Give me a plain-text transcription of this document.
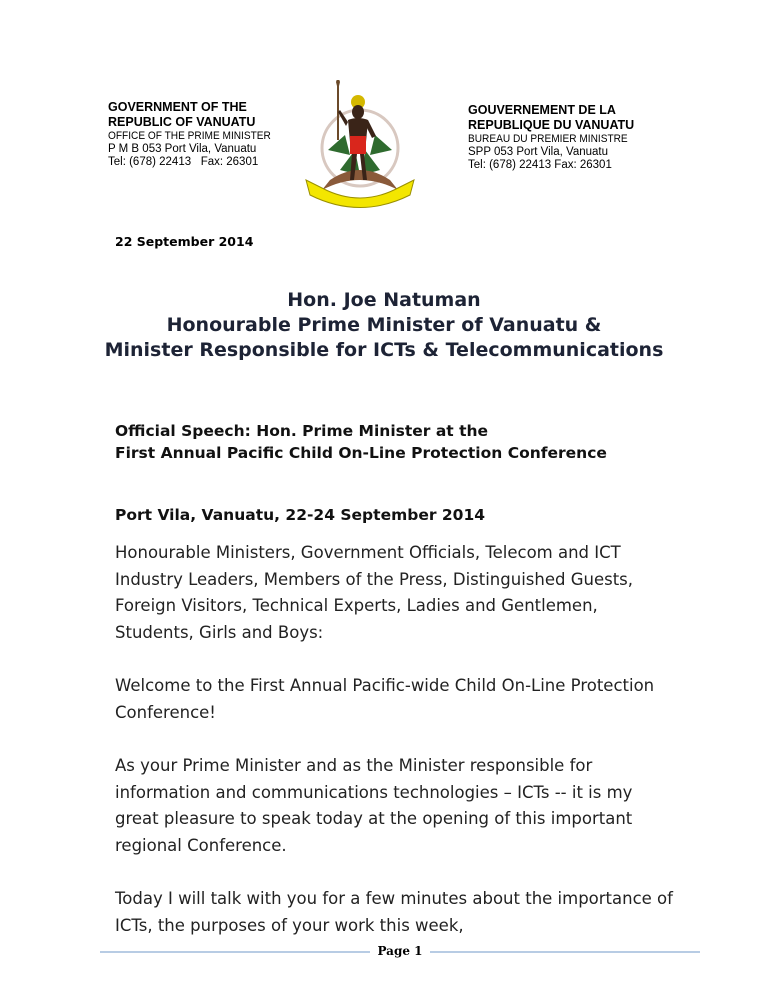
GOVERNMENT OF THE
REPUBLIC OF VANUATU
OFFICE OF THE PRIME MINISTER
P M B 053 Port Vila, Vanuatu
Tel: (678) 22413   Fax: 26301
GOUVERNEMENT DE LA
REPUBLIQUE DU VANUATU
BUREAU DU PREMIER MINISTRE
SPP 053 Port Vila, Vanuatu
Tel: (678) 22413 Fax: 26301
22 September 2014
Hon. Joe Natuman
Honourable Prime Minister of Vanuatu &
Minister Responsible for ICTs & Telecommunications
Official Speech: Hon. Prime Minister at the
First Annual Pacific Child On-Line Protection Conference
Port Vila, Vanuatu, 22-24 September 2014

Honourable Ministers, Government Officials, Telecom and ICT Industry Leaders, Members of the Press, Distinguished Guests, Foreign Visitors, Technical Experts, Ladies and Gentlemen, Students, Girls and Boys:

Welcome to the First Annual Pacific-wide Child On-Line Protection Conference!

As your Prime Minister and as the Minister responsible for information and communications technologies – ICTs -- it is my great pleasure to speak today at the opening of this important regional Conference.

Today I will talk with you for a few minutes about the importance of ICTs, the purposes of your work this week,

Page 1
